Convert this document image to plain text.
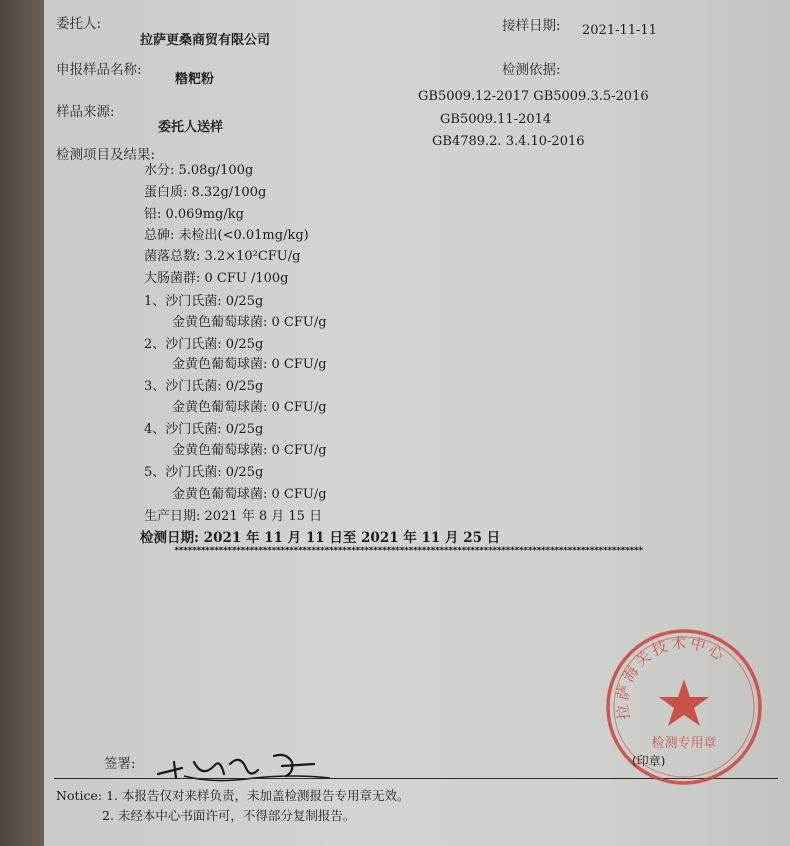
委托人:
拉萨更桑商贸有限公司
接样日期: 2021-11-11
申报样品名称:
糌粑粉
检测依据:
样品来源:
委托人送样
GB5009.12-2017 GB5009.3.5-2016
GB5009.11-2014
GB4789.2. 3.4.10-2016
检测项目及结果:
水分: 5.08g/100g
蛋白质: 8.32g/100g
铅: 0.069mg/kg
总砷: 未检出(<0.01mg/kg)
菌落总数: 3.2×10²CFU/g
大肠菌群: 0 CFU /100g
1、沙门氏菌: 0/25g
金黄色葡萄球菌: 0 CFU/g
2、沙门氏菌: 0/25g
金黄色葡萄球菌: 0 CFU/g
3、沙门氏菌: 0/25g
金黄色葡萄球菌: 0 CFU/g
4、沙门氏菌: 0/25g
金黄色葡萄球菌: 0 CFU/g
5、沙门氏菌: 0/25g
金黄色葡萄球菌: 0 CFU/g
生产日期: 2021 年 8 月 15 日
检测日期: 2021 年 11 月 11 日至 2021 年 11 月 25 日
**********************************************************************************************************
签署:
Notice: 1. 本报告仅对来样负责，未加盖检测报告专用章无效。
2. 未经本中心书面许可，不得部分复制报告。
拉萨海关技术中心
检测专用章
(印章)
